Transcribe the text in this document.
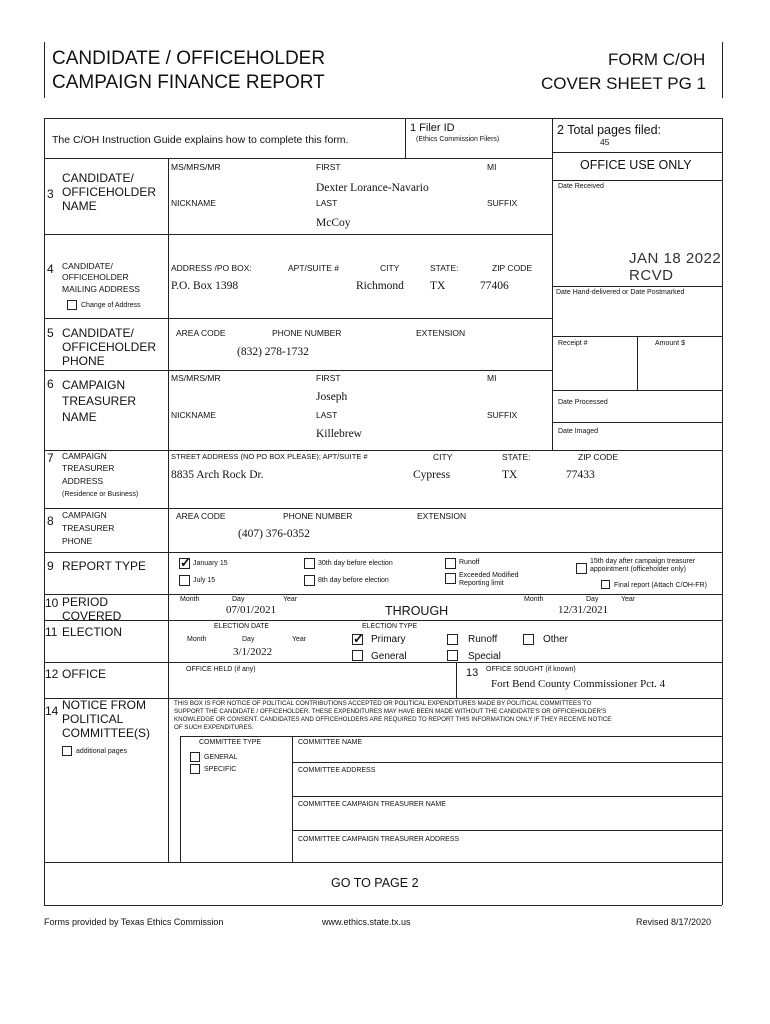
CANDIDATE / OFFICEHOLDER
CAMPAIGN FINANCE REPORT
FORM C/OH
COVER SHEET PG 1
The C/OH Instruction Guide explains how to complete this form.
1 Filer ID
(Ethics Commission Filers)
2 Total pages filed:
45
OFFICE USE ONLY
Date Received
JAN 18 2022 RCVD
Date Hand-delivered or Date Postmarked
Receipt #	Amount $
Date Processed
Date Imaged
3
CANDIDATE/
OFFICEHOLDER
NAME
MS/MRS/MR	FIRST	MI
Dexter Lorance-Navario
NICKNAME	LAST	SUFFIX
McCoy
4 CANDIDATE/
OFFICEHOLDER
MAILING ADDRESS
Change of Address
ADDRESS /PO BOX:	APT/SUITE #	CITY	STATE:	ZIP CODE
P.O. Box 1398	Richmond TX	77406
5 CANDIDATE/
OFFICEHOLDER
PHONE
AREA CODE	PHONE NUMBER	EXTENSION
(832) 278-1732
6 CAMPAIGN
TREASURER
NAME
MS/MRS/MR	FIRST	MI
Joseph
NICKNAME	LAST	SUFFIX
Killebrew
7 CAMPAIGN
TREASURER
ADDRESS
(Residence or Business)
STREET ADDRESS (NO PO BOX PLEASE); APT/SUITE #	CITY	STATE:	ZIP CODE
8835 Arch Rock Dr.	Cypress	TX	77433
8 CAMPAIGN
TREASURER
PHONE
AREA CODE	PHONE NUMBER	EXTENSION
(407) 376-0352
9 REPORT TYPE
✓	January 15
July 15
30th day before election
8th day before election
Runoff
Exceeded Modified
Reporting limit
15th day after campaign treasurer
appointment (officeholder only)
Final report (Attach C/OH-FR)
10 PERIOD
COVERED
Month	Day	Year
07/01/2021	THROUGH
Month	Day	Year
12/31/2021
11 ELECTION	ELECTION DATE
Month	Day	Year
3/1/2022
ELECTION TYPE
✓
Primary
General
Runoff
Special
Other
12 OFFICE	OFFICE HELD (if any)	13 OFFICE SOUGHT (if known)
Fort Bend County Commissioner Pct. 4
14 NOTICE FROM
POLITICAL
COMMITTEE(S)
additional pages
THIS BOX IS FOR NOTICE OF POLITICAL CONTRIBUTIONS ACCEPTED OR POLITICAL EXPENDITURES MADE BY POLITICAL COMMITTEES TO
SUPPORT THE CANDIDATE / OFFICEHOLDER. THESE EXPENDITURES MAY HAVE BEEN MADE WITHOUT THE CANDIDATE'S OR OFFICEHOLDER'S
KNOWLEDGE OR CONSENT. CANDIDATES AND OFFICEHOLDERS ARE REQUIRED TO REPORT THIS INFORMATION ONLY IF THEY RECEIVE NOTICE
OF SUCH EXPENDITURES.
COMMITTEE TYPE
GENERAL
SPECIFIC
COMMITTEE NAME
COMMITTEE ADDRESS
COMMITTEE CAMPAIGN TREASURER NAME
COMMITTEE CAMPAIGN TREASURER ADDRESS
GO TO PAGE 2
Forms provided by Texas Ethics Commission	www.ethics.state.tx.us	Revised 8/17/2020
